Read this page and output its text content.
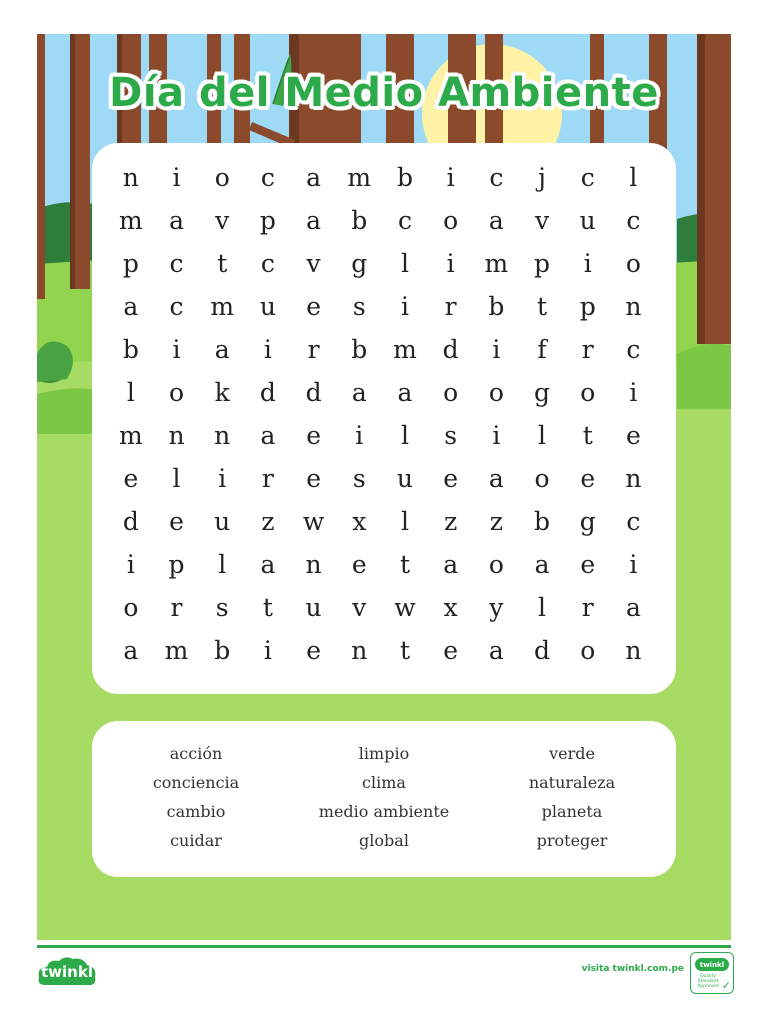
Día del Medio Ambiente
n	i	o	c	a	m	b	i	c	j	c	l
m	a	v	p	a	b	c	o	a	v	u	c
p	c	t	c	v	g	l	i	m	p	i	o
a	c	m	u	e	s	i	r	b	t	p	n
b	i	a	i	r	b	m	d	i	f	r	c
l	o	k	d	d	a	a	o	o	g	o	i
m	n	n	a	e	i	l	s	i	l	t	e
e	l	i	r	e	s	u	e	a	o	e	n
d	e	u	z	w	x	l	z	z	b	g	c
i	p	l	a	n	e	t	a	o	a	e	i
o	r	s	t	u	v	w	x	y	l	r	a
a	m	b	i	e	n	t	e	a	d	o	n
acción	limpio	verde
conciencia	clima	naturaleza
cambio	medio ambiente	planeta
cuidar	global	proteger
twinkl	visita twinkl.com.pe	twinkl
Quality Standard Approved ✓
